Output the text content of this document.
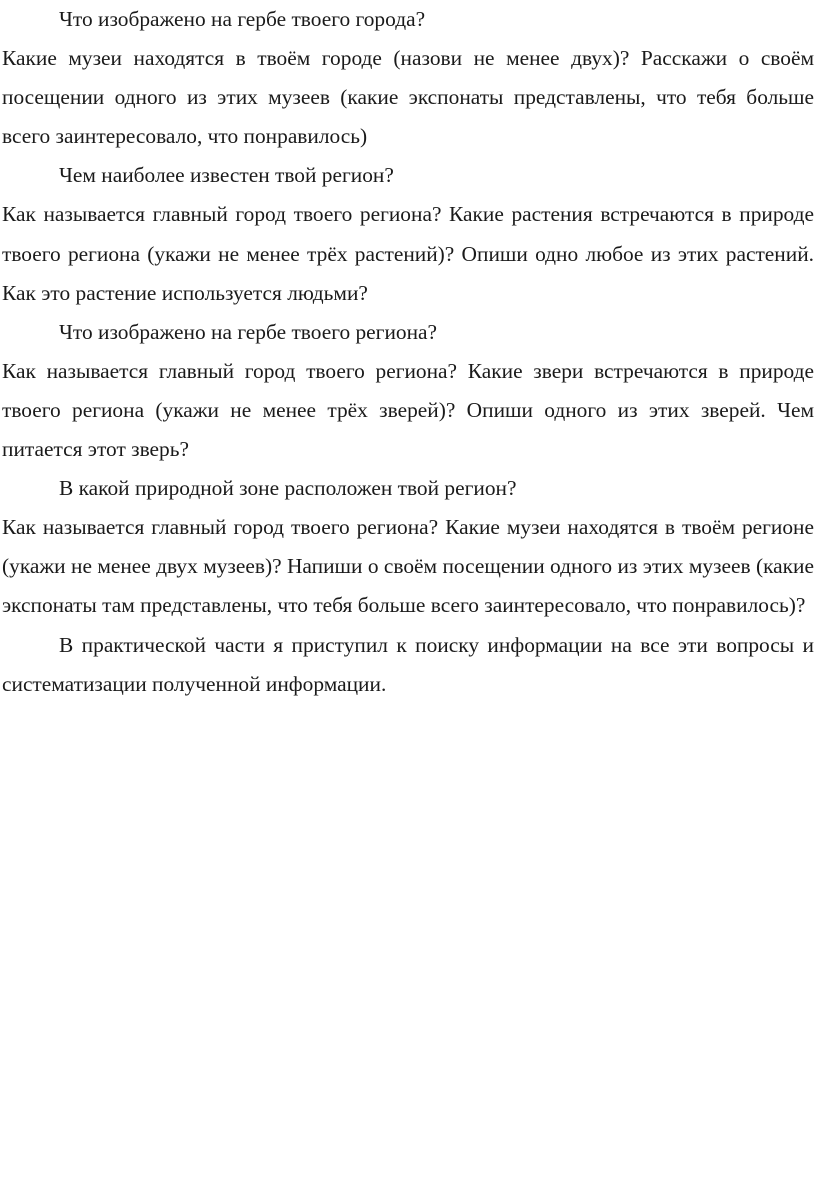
Что изображено на гербе твоего города?

Какие музеи находятся в твоём городе (назови не менее двух)? Расскажи о своём посещении одного из этих музеев (какие экспонаты представлены, что тебя больше всего заинтересовало, что понравилось)

Чем наиболее известен твой регион?

Как называется главный город твоего региона? Какие растения встречаются в природе твоего региона (укажи не менее трёх растений)? Опиши одно любое из этих растений. Как это растение используется людьми?

Что изображено на гербе твоего региона?

Как называется главный город твоего региона? Какие звери встречаются в природе твоего региона (укажи не менее трёх зверей)? Опиши одного из этих зверей. Чем питается этот зверь?

В какой природной зоне расположен твой регион?

Как называется главный город твоего региона? Какие музеи находятся в твоём регионе (укажи не менее двух музеев)? Напиши о своём посещении одного из этих музеев (какие экспонаты там представлены, что тебя больше всего заинтересовало, что понравилось)?

В практической части я приступил к поиску информации на все эти вопросы и систематизации полученной информации.
